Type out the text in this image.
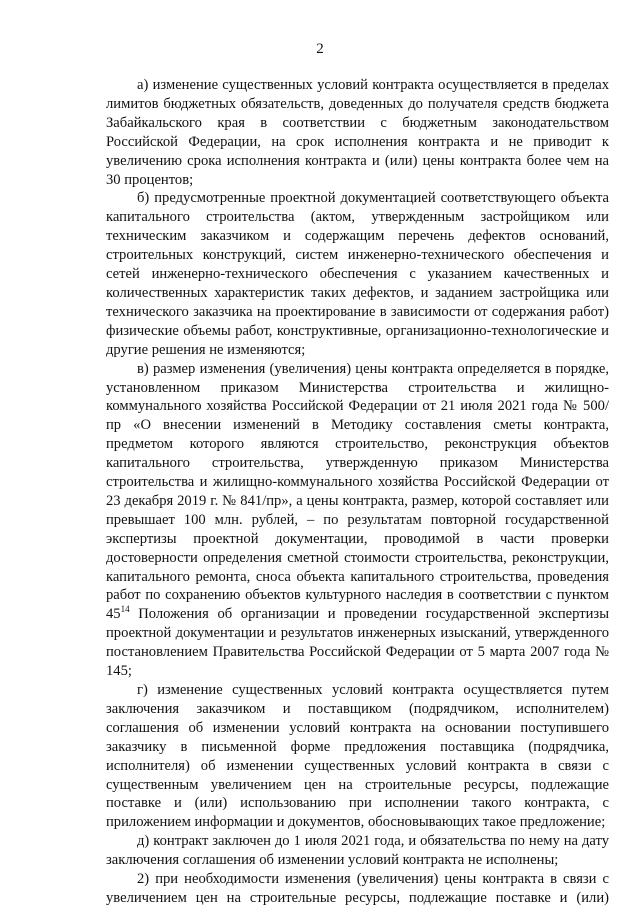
2

а) изменение существенных условий контракта осуществляется в пределах лимитов бюджетных обязательств, доведенных до получателя средств бюджета Забайкальского края в соответствии с бюджетным законодательством Российской Федерации, на срок исполнения контракта и не приводит к увеличению срока исполнения контракта и (или) цены контракта более чем на 30 процентов;

б) предусмотренные проектной документацией соответствующего объекта капитального строительства (актом, утвержденным застройщиком или техническим заказчиком и содержащим перечень дефектов оснований, строительных конструкций, систем инженерно-технического обеспечения и сетей инженерно-технического обеспечения с указанием качественных и количественных характеристик таких дефектов, и заданием застройщика или технического заказчика на проектирование в зависимости от содержания работ) физические объемы работ, конструктивные, организационно-технологические и другие решения не изменяются;

в) размер изменения (увеличения) цены контракта определяется в порядке, установленном приказом Министерства строительства и жилищно-коммунального хозяйства Российской Федерации от 21 июля 2021 года № 500/пр «О внесении изменений в Методику составления сметы контракта, предметом которого являются строительство, реконструкция объектов капитального строительства, утвержденную приказом Министерства строительства и жилищно-коммунального хозяйства Российской Федерации от 23 декабря 2019 г. № 841/пр», а цены контракта, размер, которой составляет или превышает 100 млн. рублей, – по результатам повторной государственной экспертизы проектной документации, проводимой в части проверки достоверности определения сметной стоимости строительства, реконструкции, капитального ремонта, сноса объекта капитального строительства, проведения работ по сохранению объектов культурного наследия в соответствии с пунктом $45^{14}$ Положения об организации и проведении государственной экспертизы проектной документации и результатов инженерных изысканий, утвержденного постановлением Правительства Российской Федерации от 5 марта 2007 года № 145;

г) изменение существенных условий контракта осуществляется путем заключения заказчиком и поставщиком (подрядчиком, исполнителем) соглашения об изменении условий контракта на основании поступившего заказчику в письменной форме предложения поставщика (подрядчика, исполнителя) об изменении существенных условий контракта в связи с существенным увеличением цен на строительные ресурсы, подлежащие поставке и (или) использованию при исполнении такого контракта, с приложением информации и документов, обосновывающих такое предложение;

д) контракт заключен до 1 июля 2021 года, и обязательства по нему на дату заключения соглашения об изменении условий контракта не исполнены;

2) при необходимости изменения (увеличения) цены контракта в связи с увеличением цен на строительные ресурсы, подлежащие поставке и (или)
